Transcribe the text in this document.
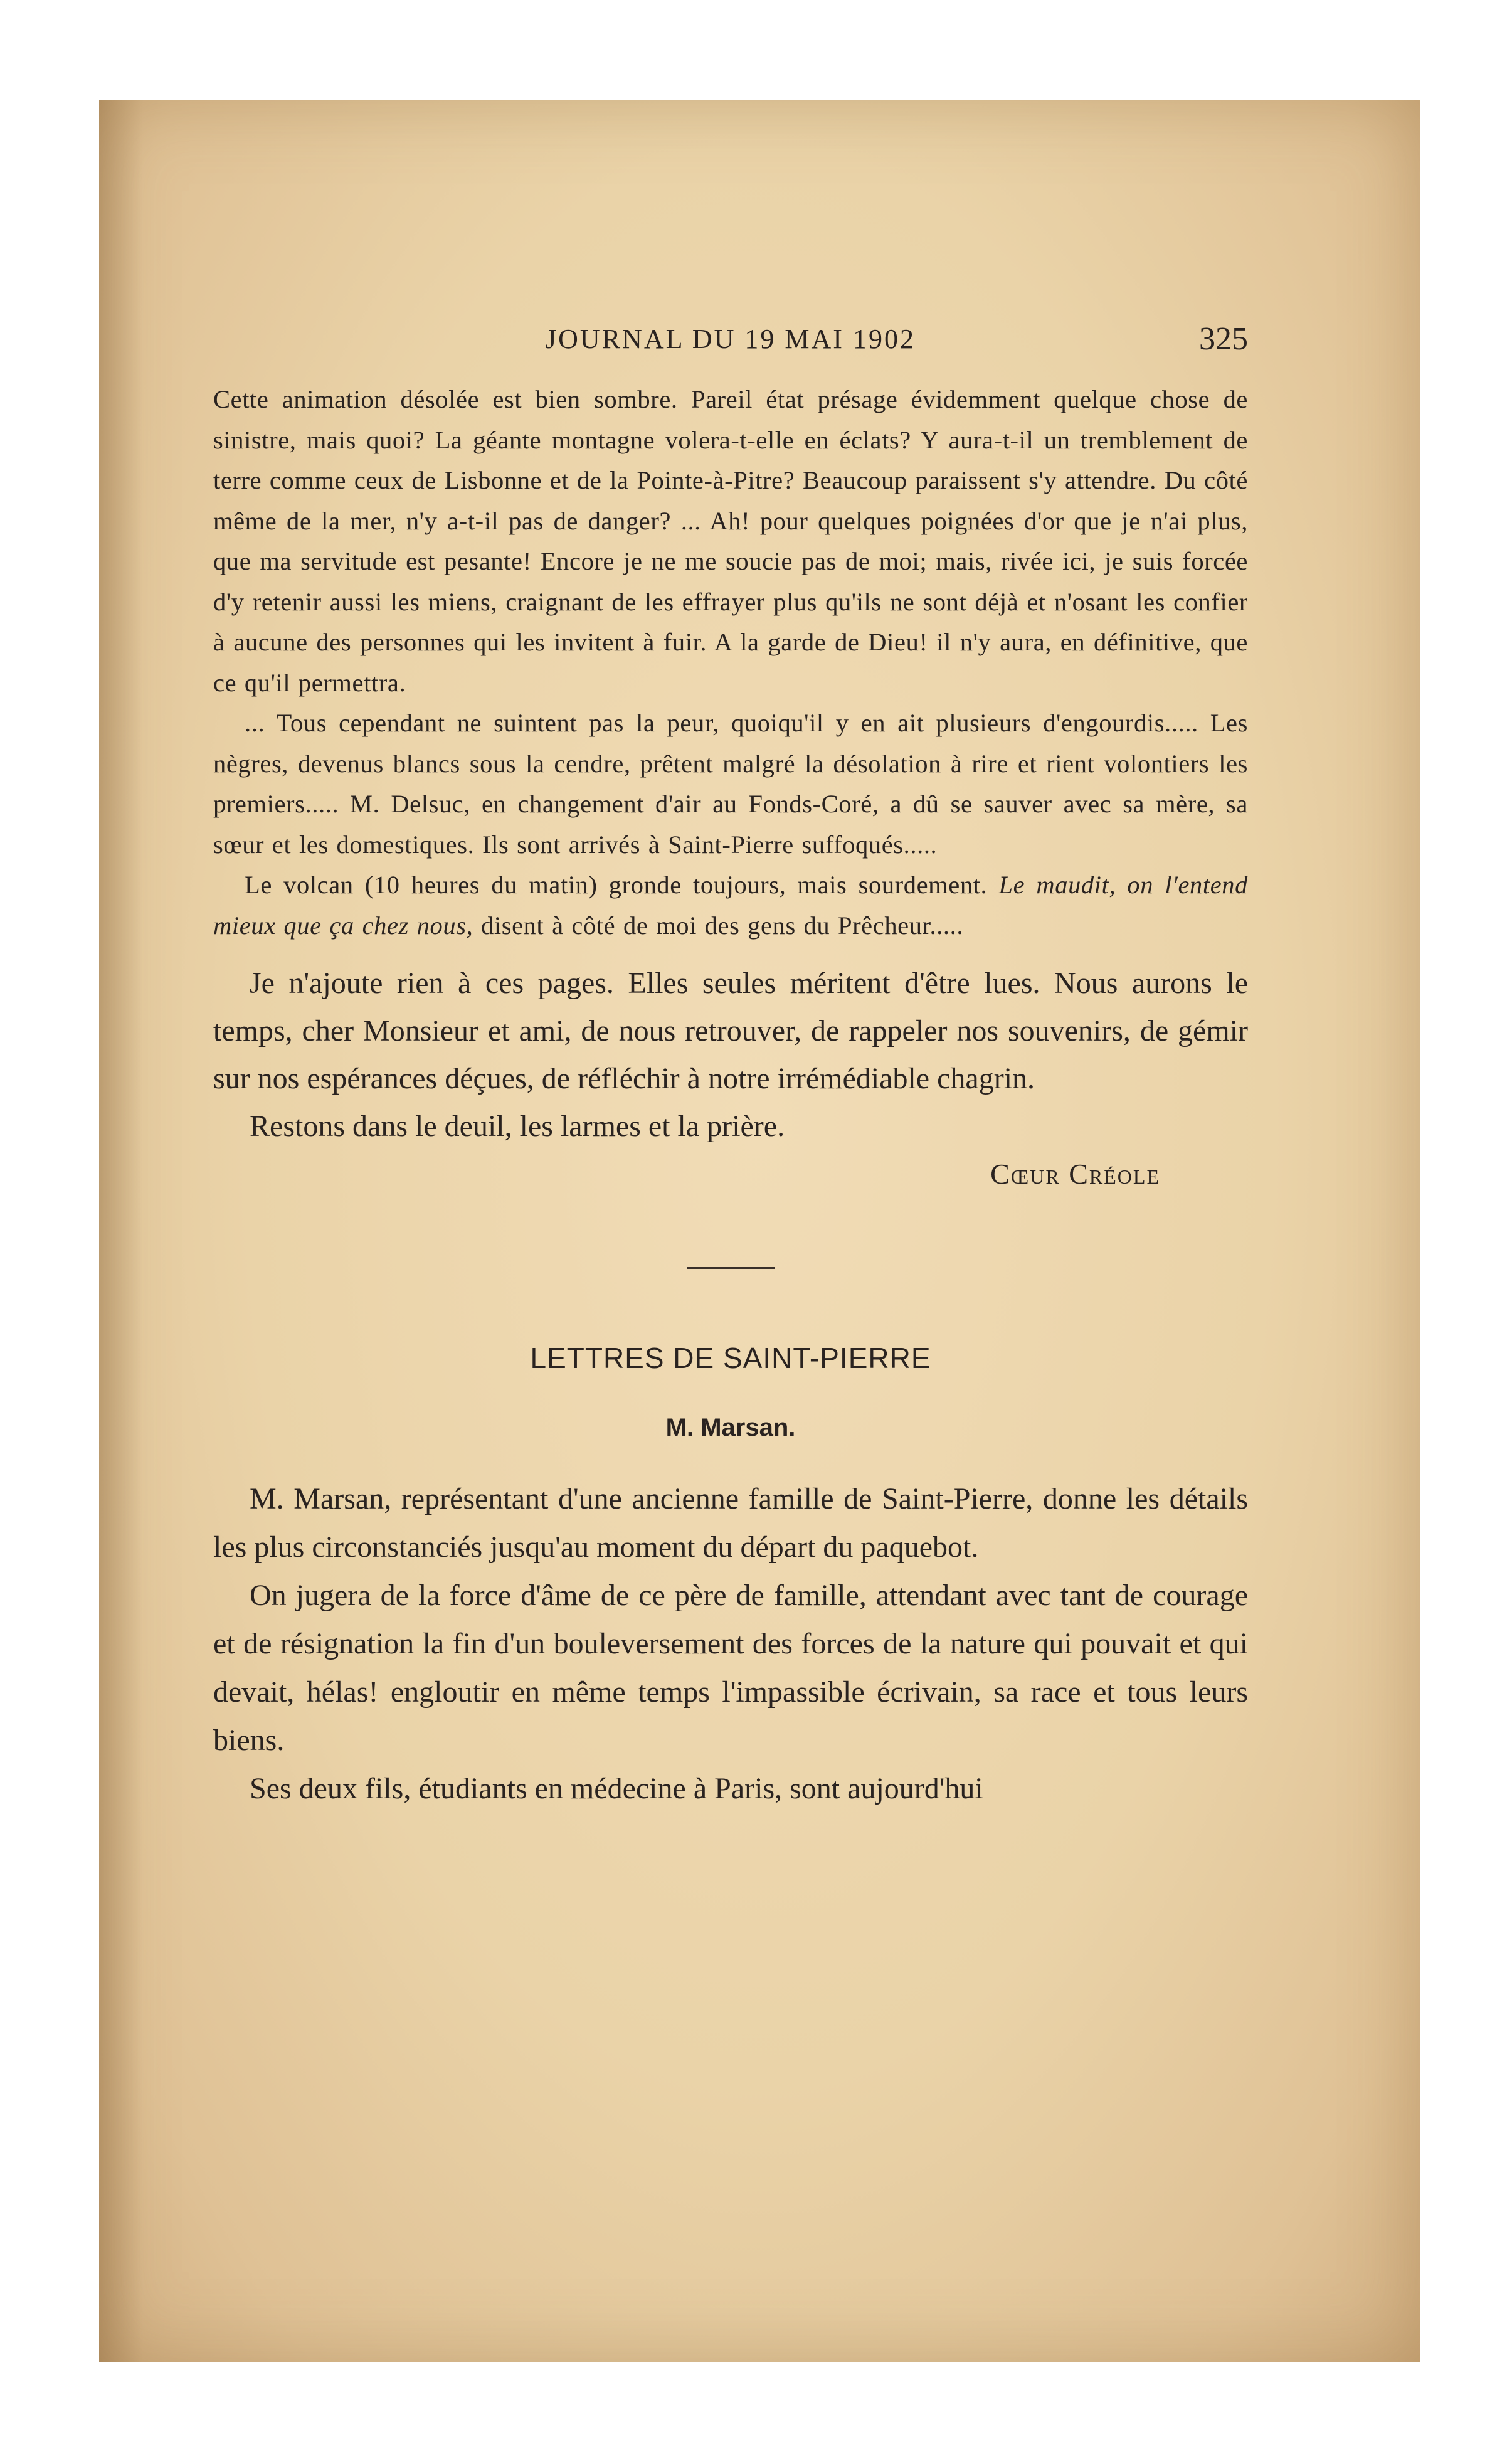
JOURNAL DU 19 MAI 1902	325

Cette animation désolée est bien sombre. Pareil état présage évidemment quelque chose de sinistre, mais quoi? La géante montagne volera-t-elle en éclats? Y aura-t-il un tremblement de terre comme ceux de Lisbonne et de la Pointe-à-Pitre? Beaucoup paraissent s'y attendre. Du côté même de la mer, n'y a-t-il pas de danger? ... Ah! pour quelques poignées d'or que je n'ai plus, que ma servitude est pesante! Encore je ne me soucie pas de moi; mais, rivée ici, je suis forcée d'y retenir aussi les miens, craignant de les effrayer plus qu'ils ne sont déjà et n'osant les confier à aucune des personnes qui les invitent à fuir. A la garde de Dieu! il n'y aura, en définitive, que ce qu'il permettra.

... Tous cependant ne suintent pas la peur, quoiqu'il y en ait plusieurs d'engourdis..... Les nègres, devenus blancs sous la cendre, prêtent malgré la désolation à rire et rient volontiers les premiers..... M. Delsuc, en changement d'air au Fonds-Coré, a dû se sauver avec sa mère, sa sœur et les domestiques. Ils sont arrivés à Saint-Pierre suffoqués.....

Le volcan (10 heures du matin) gronde toujours, mais sourdement. Le maudit, on l'entend mieux que ça chez nous, disent à côté de moi des gens du Prêcheur.....

Je n'ajoute rien à ces pages. Elles seules méritent d'être lues. Nous aurons le temps, cher Monsieur et ami, de nous retrouver, de rappeler nos souvenirs, de gémir sur nos espérances déçues, de réfléchir à notre irrémédiable chagrin.

Restons dans le deuil, les larmes et la prière.

Cœur Créole
LETTRES DE SAINT-PIERRE
M. Marsan.

M. Marsan, représentant d'une ancienne famille de Saint-Pierre, donne les détails les plus circonstanciés jusqu'au moment du départ du paquebot.

On jugera de la force d'âme de ce père de famille, attendant avec tant de courage et de résignation la fin d'un bouleversement des forces de la nature qui pouvait et qui devait, hélas! engloutir en même temps l'impassible écrivain, sa race et tous leurs biens.

Ses deux fils, étudiants en médecine à Paris, sont aujourd'hui
